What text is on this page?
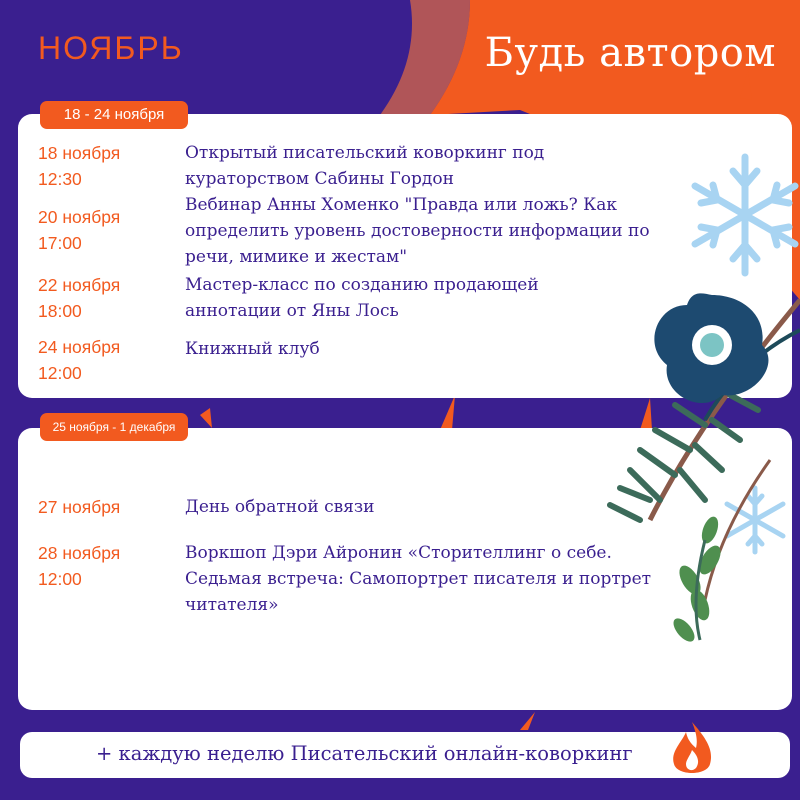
НОЯБРЬ	Будь автором
18 - 24 ноября
18 ноября
12:30
Открытый писательский коворкинг под кураторством Сабины Гордон
20 ноября
17:00
Вебинар Анны Хоменко "Правда или ложь? Как определить уровень достоверности информации по речи, мимике и жестам"
22 ноября
18:00
Мастер-класс по созданию продающей аннотации от Яны Лось
24 ноября
12:00
Книжный клуб
25 ноября - 1 декабря
27 ноября	День обратной связи
28 ноября
12:00
Воркшоп Дэри Айронин «Сторителлинг о себе. Седьмая встреча: Самопортрет писателя и портрет читателя»
+ каждую неделю Писательский онлайн-коворкинг
